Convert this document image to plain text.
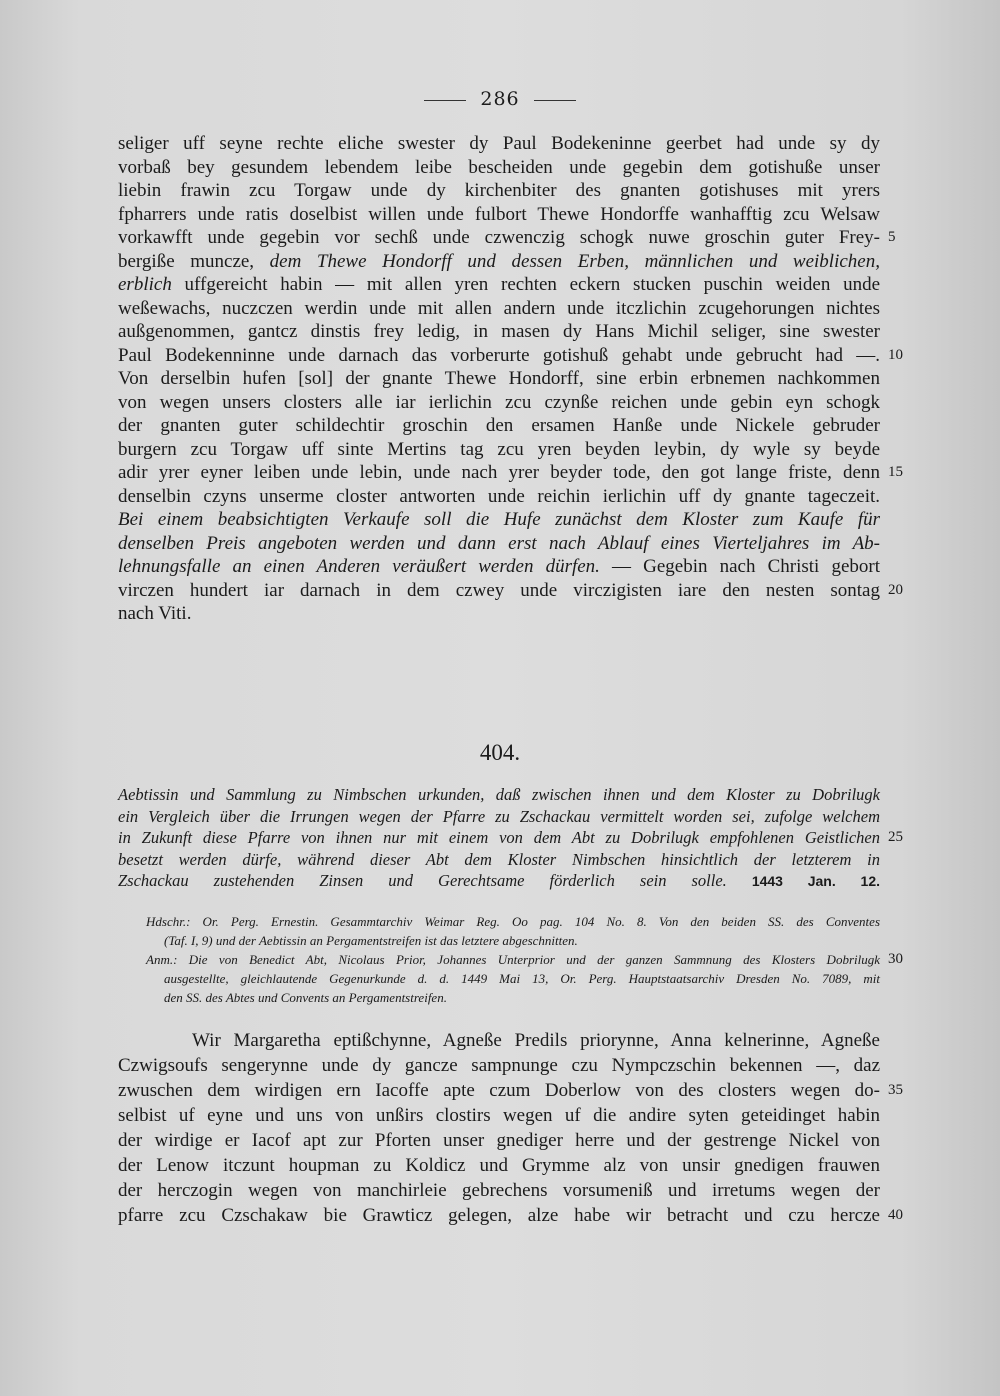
286
seliger uff seyne rechte eliche swester dy Paul Bodekeninne geerbet had unde sy dy
vorbaß bey gesundem lebendem leibe bescheiden unde gegebin dem gotishuße unser
liebin frawin zcu Torgaw unde dy kirchenbiter des gnanten gotishuses mit yrers
fpharrers unde ratis doselbist willen unde fulbort Thewe Hondorffe wanhafftig zcu Welsaw
vorkawfft unde gegebin vor sechß unde czwenczig schogk nuwe groschin guter Frey- 5
bergiße muncze, dem Thewe Hondorff und dessen Erben, männlichen und weiblichen,
erblich uffgereicht habin — mit allen yren rechten eckern stucken puschin weiden unde
weßewachs, nuczczen werdin unde mit allen andern unde itczlichin zcugehorungen nichtes
außgenommen, gantcz dinstis frey ledig, in masen dy Hans Michil seliger, sine swester
Paul Bodekenninne unde darnach das vorberurte gotishuß gehabt unde gebrucht had —. 10
Von derselbin hufen [sol] der gnante Thewe Hondorff, sine erbin erbnemen nachkommen
von wegen unsers closters alle iar ierlichin zcu czynße reichen unde gebin eyn schogk
der gnanten guter schildechtir groschin den ersamen Hanße unde Nickele gebruder
burgern zcu Torgaw uff sinte Mertins tag zcu yren beyden leybin, dy wyle sy beyde
adir yrer eyner leiben unde lebin, unde nach yrer beyder tode, den got lange friste, denn 15
denselbin czyns unserme closter antworten unde reichin ierlichin uff dy gnante tageczeit.
Bei einem beabsichtigten Verkaufe soll die Hufe zunächst dem Kloster zum Kaufe für
denselben Preis angeboten werden und dann erst nach Ablauf eines Vierteljahres im Ab-
lehnungsfalle an einen Anderen veräußert werden dürfen. — Gegebin nach Christi gebort
virczen hundert iar darnach in dem czwey unde virczigisten iare den nesten sontag 20
nach Viti.
404.
Aebtissin und Sammlung zu Nimbschen urkunden, daß zwischen ihnen und dem Kloster zu Dobrilugk
ein Vergleich über die Irrungen wegen der Pfarre zu Zschackau vermittelt worden sei, zufolge welchem
in Zukunft diese Pfarre von ihnen nur mit einem von dem Abt zu Dobrilugk empfohlenen Geistlichen 25
besetzt werden dürfe, während dieser Abt dem Kloster Nimbschen hinsichtlich der letzterem in
Zschackau zustehenden Zinsen und Gerechtsame förderlich sein solle. 1443 Jan. 12.
Hdschr.: Or. Perg. Ernestin. Gesammtarchiv Weimar Reg. Oo pag. 104 No. 8. Von den beiden SS. des Conventes
(Taf. I, 9) und der Aebtissin an Pergamentstreifen ist das letztere abgeschnitten.
Anm.: Die von Benedict Abt, Nicolaus Prior, Johannes Unterprior und der ganzen Sammnung des Klosters Dobrilugk 30
ausgestellte, gleichlautende Gegenurkunde d. d. 1449 Mai 13, Or. Perg. Hauptstaatsarchiv Dresden No. 7089, mit
den SS. des Abtes und Convents an Pergamentstreifen.
Wir Margaretha eptißchynne, Agneße Predils priorynne, Anna kelnerinne, Agneße
Czwigsoufs sengerynne unde dy gancze sampnunge czu Nympczschin bekennen —, daz
zwuschen dem wirdigen ern Iacoffe apte czum Doberlow von des closters wegen do- 35
selbist uf eyne und uns von unßirs clostirs wegen uf die andire syten geteidinget habin
der wirdige er Iacof apt zur Pforten unser gnediger herre und der gestrenge Nickel von
der Lenow itczunt houpman zu Koldicz und Grymme alz von unsir gnedigen frauwen
der herczogin wegen von manchirleie gebrechens vorsumeniß und irretums wegen der
pfarre zcu Czschakaw bie Grawticz gelegen, alze habe wir betracht und czu hercze 40
